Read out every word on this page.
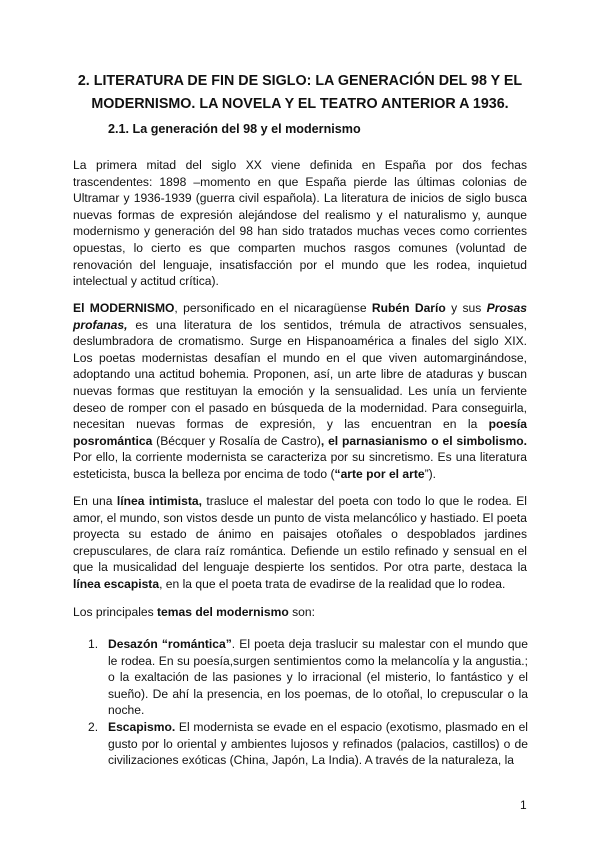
2. LITERATURA DE FIN DE SIGLO: LA GENERACIÓN DEL 98 Y EL
MODERNISMO. LA NOVELA Y EL TEATRO ANTERIOR A 1936.
2.1. La generación del 98 y el modernismo

La primera mitad del siglo XX viene definida en España por dos fechas trascendentes: 1898 –momento en que España pierde las últimas colonias de Ultramar y 1936-1939 (guerra civil española). La literatura de inicios de siglo busca nuevas formas de expresión alejándose del realismo y el naturalismo y, aunque modernismo y generación del 98 han sido tratados muchas veces como corrientes opuestas, lo cierto es que comparten muchos rasgos comunes (voluntad de renovación del lenguaje, insatisfacción por el mundo que les rodea, inquietud intelectual y actitud crítica).

El MODERNISMO, personificado en el nicaragüense Rubén Darío y sus Prosas profanas, es una literatura de los sentidos, trémula de atractivos sensuales, deslumbradora de cromatismo. Surge en Hispanoamérica a finales del siglo XIX. Los poetas modernistas desafían el mundo en el que viven automarginándose, adoptando una actitud bohemia. Proponen, así, un arte libre de ataduras y buscan nuevas formas que restituyan la emoción y la sensualidad. Les unía un ferviente deseo de romper con el pasado en búsqueda de la modernidad. Para conseguirla, necesitan nuevas formas de expresión, y las encuentran en la poesía posromántica (Bécquer y Rosalía de Castro), el parnasianismo o el simbolismo. Por ello, la corriente modernista se caracteriza por su sincretismo. Es una literatura esteticista, busca la belleza por encima de todo (“arte por el arte”).

En una línea intimista, trasluce el malestar del poeta con todo lo que le rodea. El amor, el mundo, son vistos desde un punto de vista melancólico y hastiado. El poeta proyecta su estado de ánimo en paisajes otoñales o despoblados jardines crepusculares, de clara raíz romántica. Defiende un estilo refinado y sensual en el que la musicalidad del lenguaje despierte los sentidos. Por otra parte, destaca la línea escapista, en la que el poeta trata de evadirse de la realidad que lo rodea.

Los principales temas del modernismo son:

1. Desazón “romántica”. El poeta deja traslucir su malestar con el mundo que le rodea. En su poesía,surgen sentimientos como la melancolía y la angustia.; o la exaltación de las pasiones y lo irracional (el misterio, lo fantástico y el sueño). De ahí la presencia, en los poemas, de lo otoñal, lo crepuscular o la noche.
2. Escapismo. El modernista se evade en el espacio (exotismo, plasmado en el gusto por lo oriental y ambientes lujosos y refinados (palacios, castillos) o de civilizaciones exóticas (China, Japón, La India). A través de la naturaleza, la
1
